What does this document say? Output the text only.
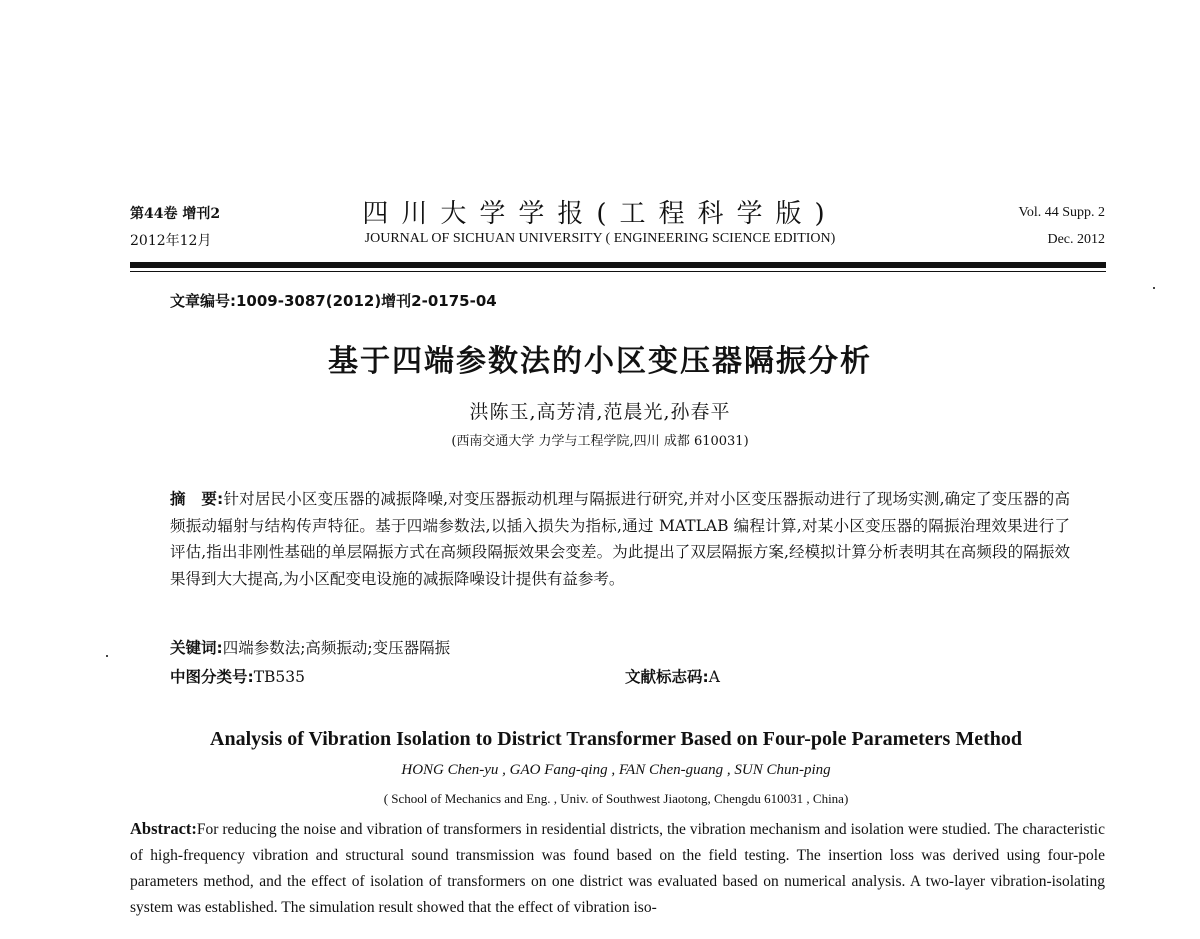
第44卷 增刊2
2012年12月
四川大学学报(工程科学版)
JOURNAL OF SICHUAN UNIVERSITY ( ENGINEERING SCIENCE EDITION)
Vol. 44 Supp. 2
Dec. 2012
文章编号:1009-3087(2012)增刊2-0175-04
基于四端参数法的小区变压器隔振分析
洪陈玉,高芳清,范晨光,孙春平
(西南交通大学 力学与工程学院,四川 成都 610031)

摘　要:针对居民小区变压器的减振降噪,对变压器振动机理与隔振进行研究,并对小区变压器振动进行了现场实测,确定了变压器的高频振动辐射与结构传声特征。基于四端参数法,以插入损失为指标,通过 MATLAB 编程计算,对某小区变压器的隔振治理效果进行了评估,指出非刚性基础的单层隔振方式在高频段隔振效果会变差。为此提出了双层隔振方案,经模拟计算分析表明其在高频段的隔振效果得到大大提高,为小区配变电设施的减振降噪设计提供有益参考。

关键词:四端参数法;高频振动;变压器隔振
中图分类号:TB535	文献标志码:A
Analysis of Vibration Isolation to District Transformer Based on Four-pole Parameters Method
HONG Chen-yu , GAO Fang-qing , FAN Chen-guang , SUN Chun-ping
( School of Mechanics and Eng. , Univ. of Southwest Jiaotong, Chengdu 610031 , China)

Abstract:For reducing the noise and vibration of transformers in residential districts, the vibration mechanism and isolation were studied. The characteristic of high-frequency vibration and structural sound transmission was found based on the field testing. The insertion loss was derived using four-pole parameters method, and the effect of isolation of transformers on one district was evaluated based on numerical analysis. A two-layer vibration-isolating system was established. The simulation result showed that the effect of vibration iso-
